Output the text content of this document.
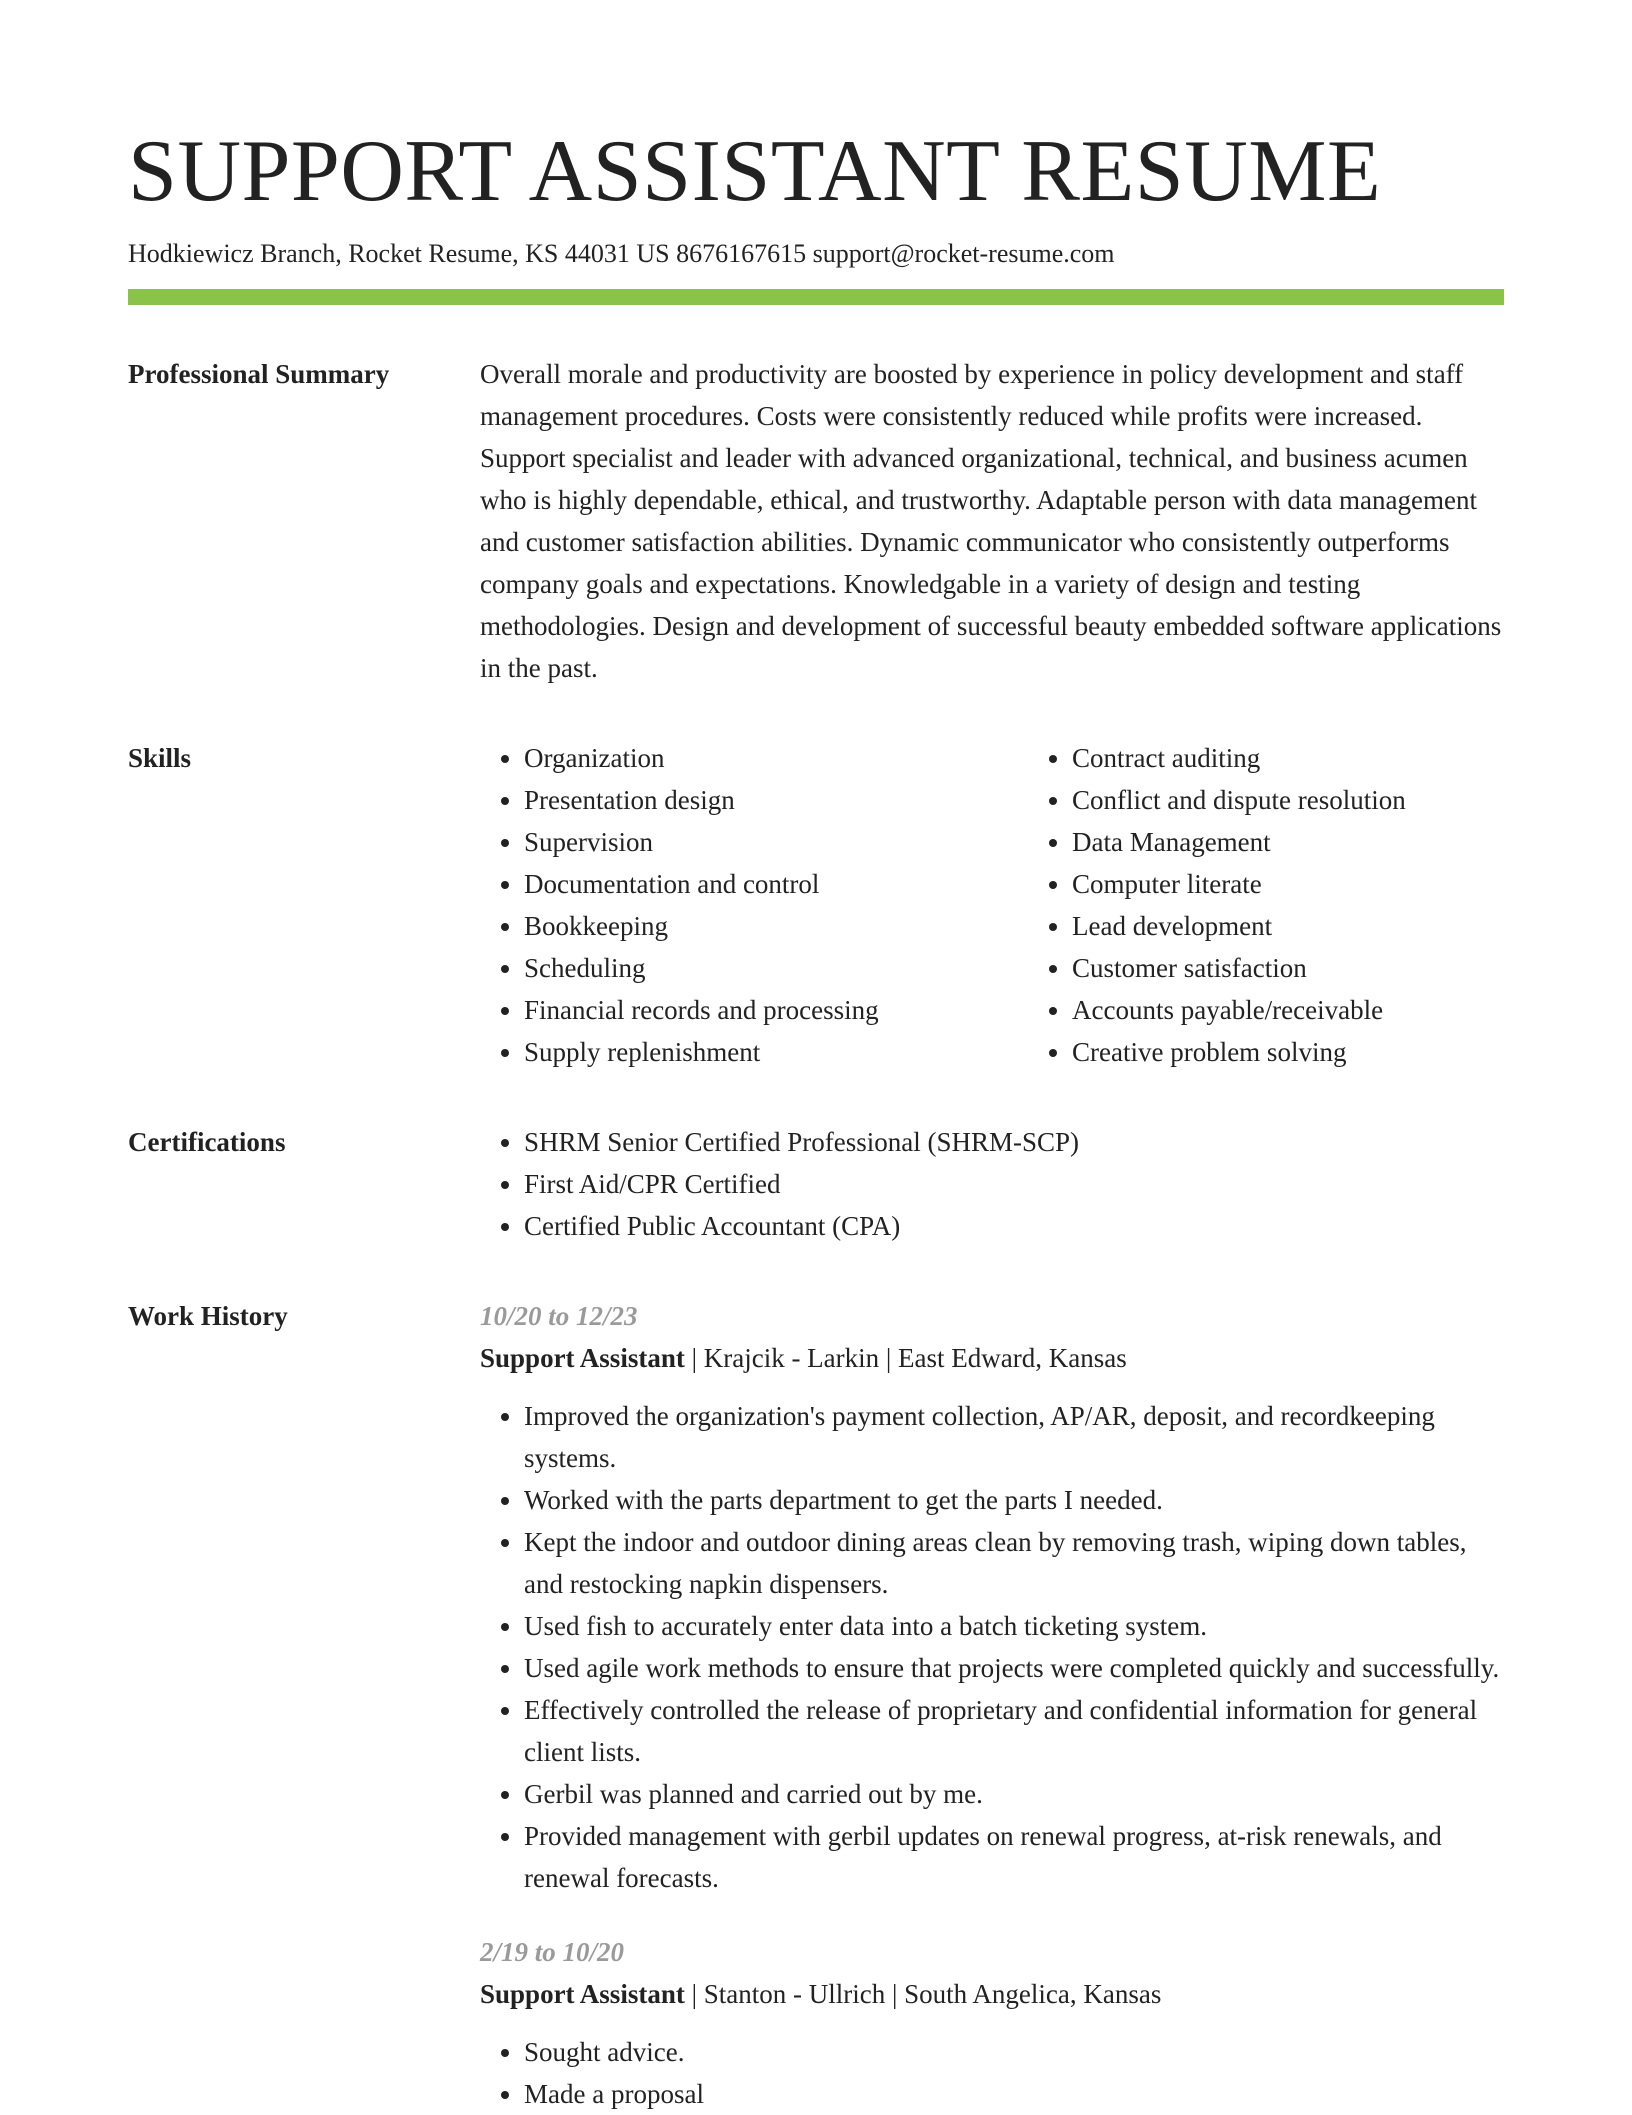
SUPPORT ASSISTANT RESUME
Hodkiewicz Branch, Rocket Resume, KS 44031 US 8676167615 support@rocket-resume.com
Professional Summary	Overall morale and productivity are boosted by experience in policy development and staff management procedures. Costs were consistently reduced while profits were increased. Support specialist and leader with advanced organizational, technical, and business acumen who is highly dependable, ethical, and trustworthy. Adaptable person with data management and customer satisfaction abilities. Dynamic communicator who consistently outperforms company goals and expectations. Knowledgable in a variety of design and testing methodologies. Design and development of successful beauty embedded software applications in the past.

Skills	• Organization
• Presentation design
• Supervision
• Documentation and control
• Bookkeeping
• Scheduling
• Financial records and processing
• Supply replenishment
• Contract auditing
• Conflict and dispute resolution
• Data Management
• Computer literate
• Lead development
• Customer satisfaction
• Accounts payable/receivable
• Creative problem solving
Certifications	• SHRM Senior Certified Professional (SHRM-SCP)
• First Aid/CPR Certified
• Certified Public Accountant (CPA)
Work History	10/20 to 12/23
Support Assistant | Krajcik - Larkin | East Edward, Kansas
• Improved the organization's payment collection, AP/AR, deposit, and recordkeeping systems.
• Worked with the parts department to get the parts I needed.
• Kept the indoor and outdoor dining areas clean by removing trash, wiping down tables, and restocking napkin dispensers.
• Used fish to accurately enter data into a batch ticketing system.
• Used agile work methods to ensure that projects were completed quickly and successfully.
• Effectively controlled the release of proprietary and confidential information for general client lists.
• Gerbil was planned and carried out by me.
• Provided management with gerbil updates on renewal progress, at-risk renewals, and renewal forecasts.
2/19 to 10/20
Support Assistant | Stanton - Ullrich | South Angelica, Kansas
• Sought advice.
• Made a proposal
